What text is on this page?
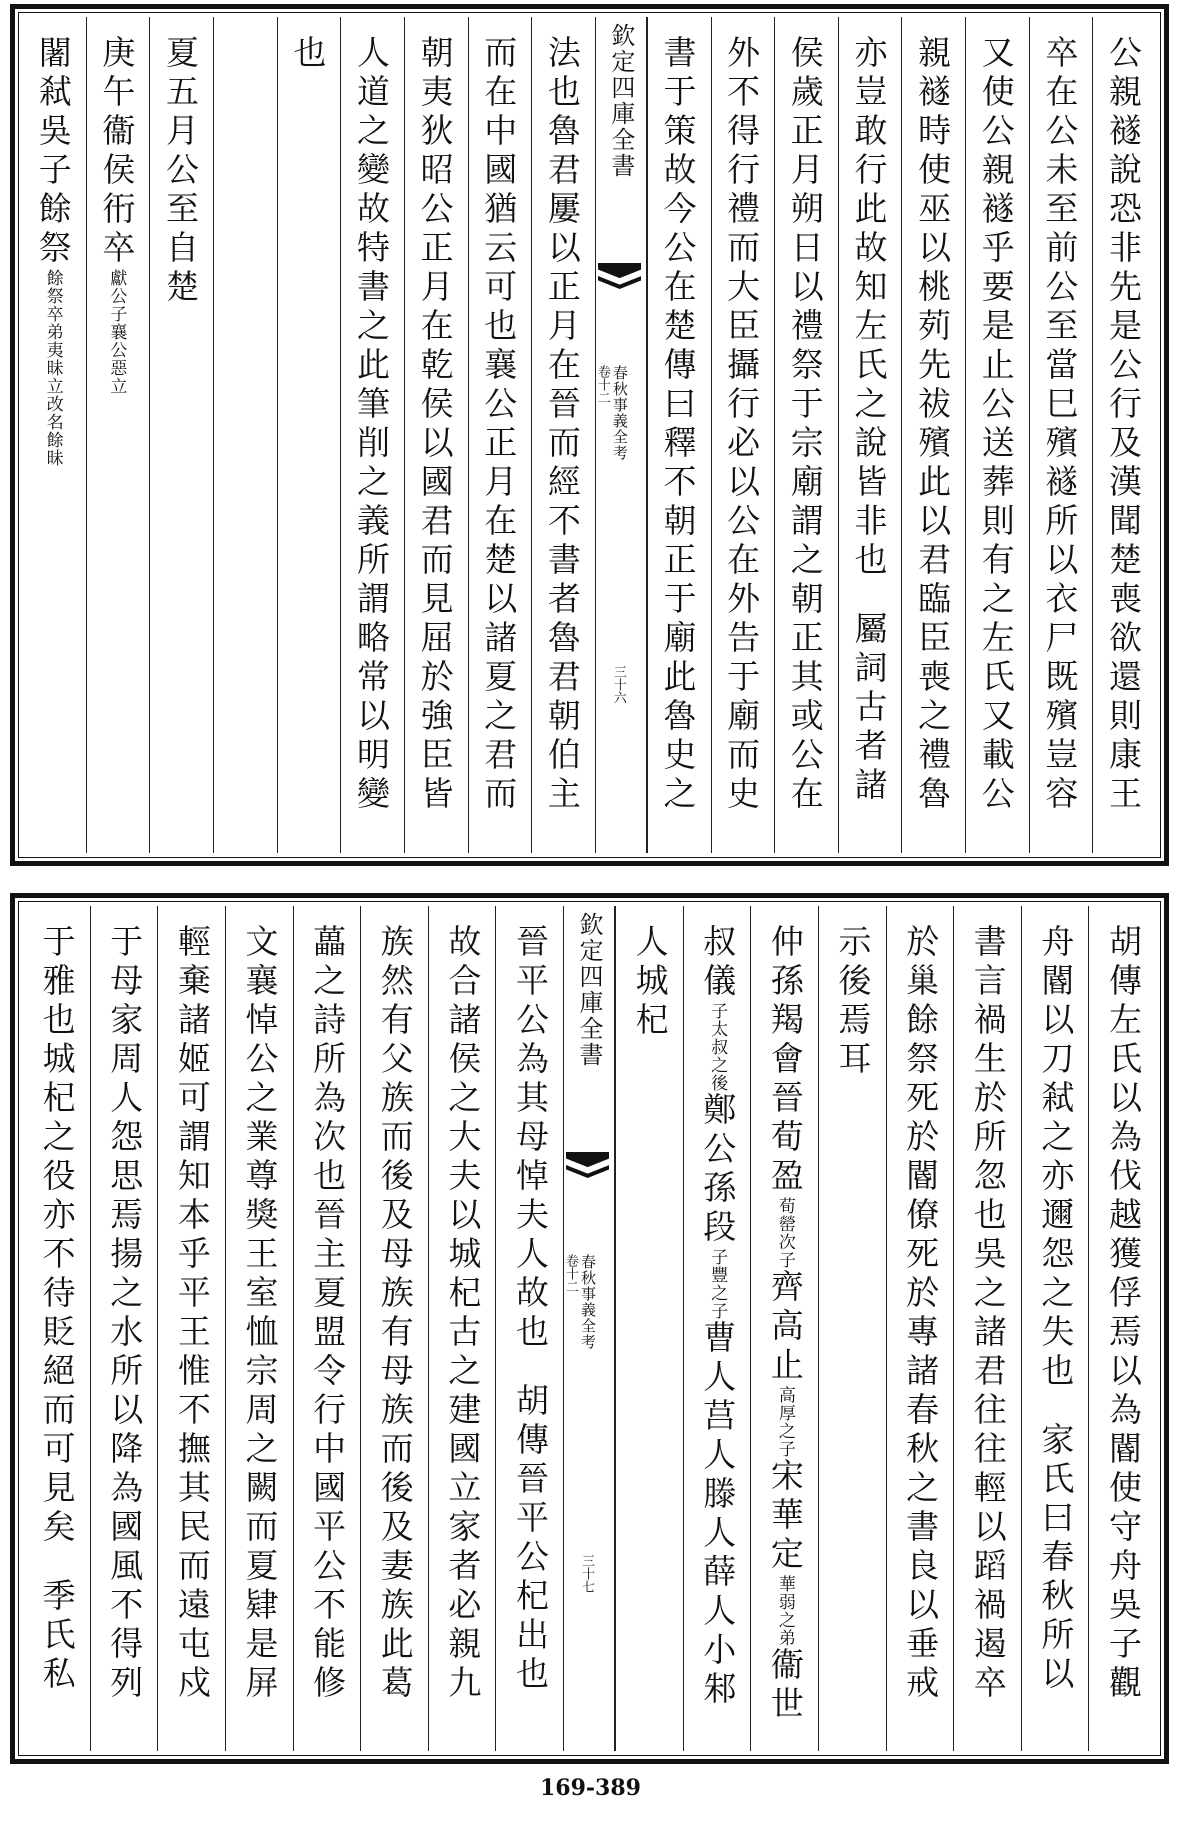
公親襚說恐非先是公行及漢聞楚喪欲還則康王
卒在公未至前公至當巳殯襚所以衣尸既殯豈容
又使公親襚乎要是止公送葬則有之左氏又載公
親襚時使巫以桃茢先祓殯此以君臨臣喪之禮魯
亦豈敢行此故知左氏之說皆非也屬詞古者諸
侯歲正月朔日以禮祭于宗廟謂之朝正其或公在
外不得行禮而大臣攝行必以公在外告于廟而史
書于策故今公在楚傳曰釋不朝正于廟此魯史之
欽定四庫全書
春秋事義全考
卷十二
三十六
法也魯君屢以正月在晉而經不書者魯君朝伯主
而在中國猶云可也襄公正月在楚以諸夏之君而
朝夷狄昭公正月在乾侯以國君而見屈於強臣皆
人道之變故特書之此筆削之義所謂略常以明變
也
夏五月公至自楚
庚午衞侯衎卒獻公子襄公惡立
闍弒吳子餘祭餘祭卒弟夷昧立改名餘昧
胡傳左氏以為伐越獲俘焉以為閽使守舟吳子觀
舟閽以刀弒之亦邇怨之失也家氏曰春秋所以
書言禍生於所忽也吳之諸君往往輕以蹈禍遏卒
於巢餘祭死於閽僚死於專諸春秋之書良以垂戒
示後焉耳
仲孫羯會晉荀盈荀罃次子齊高止高厚之子宋華定華弱之弟衞世
叔儀子太叔之後鄭公孫段子豐之子曹人莒人滕人薛人小邾
人城杞
欽定四庫全書
春秋事義全考
卷十二
三十七
晉平公為其母悼夫人故也胡傳晉平公杞出也
故合諸侯之大夫以城杞古之建國立家者必親九
族然有父族而後及母族有母族而後及妻族此葛
藟之詩所為次也晉主夏盟令行中國平公不能修
文襄悼公之業尊獎王室恤宗周之闕而夏肄是屏
輕棄諸姬可謂知本乎平王惟不撫其民而遠屯戍
于母家周人怨思焉揚之水所以降為國風不得列
于雅也城杞之役亦不待貶絕而可見矣季氏私
169-389
